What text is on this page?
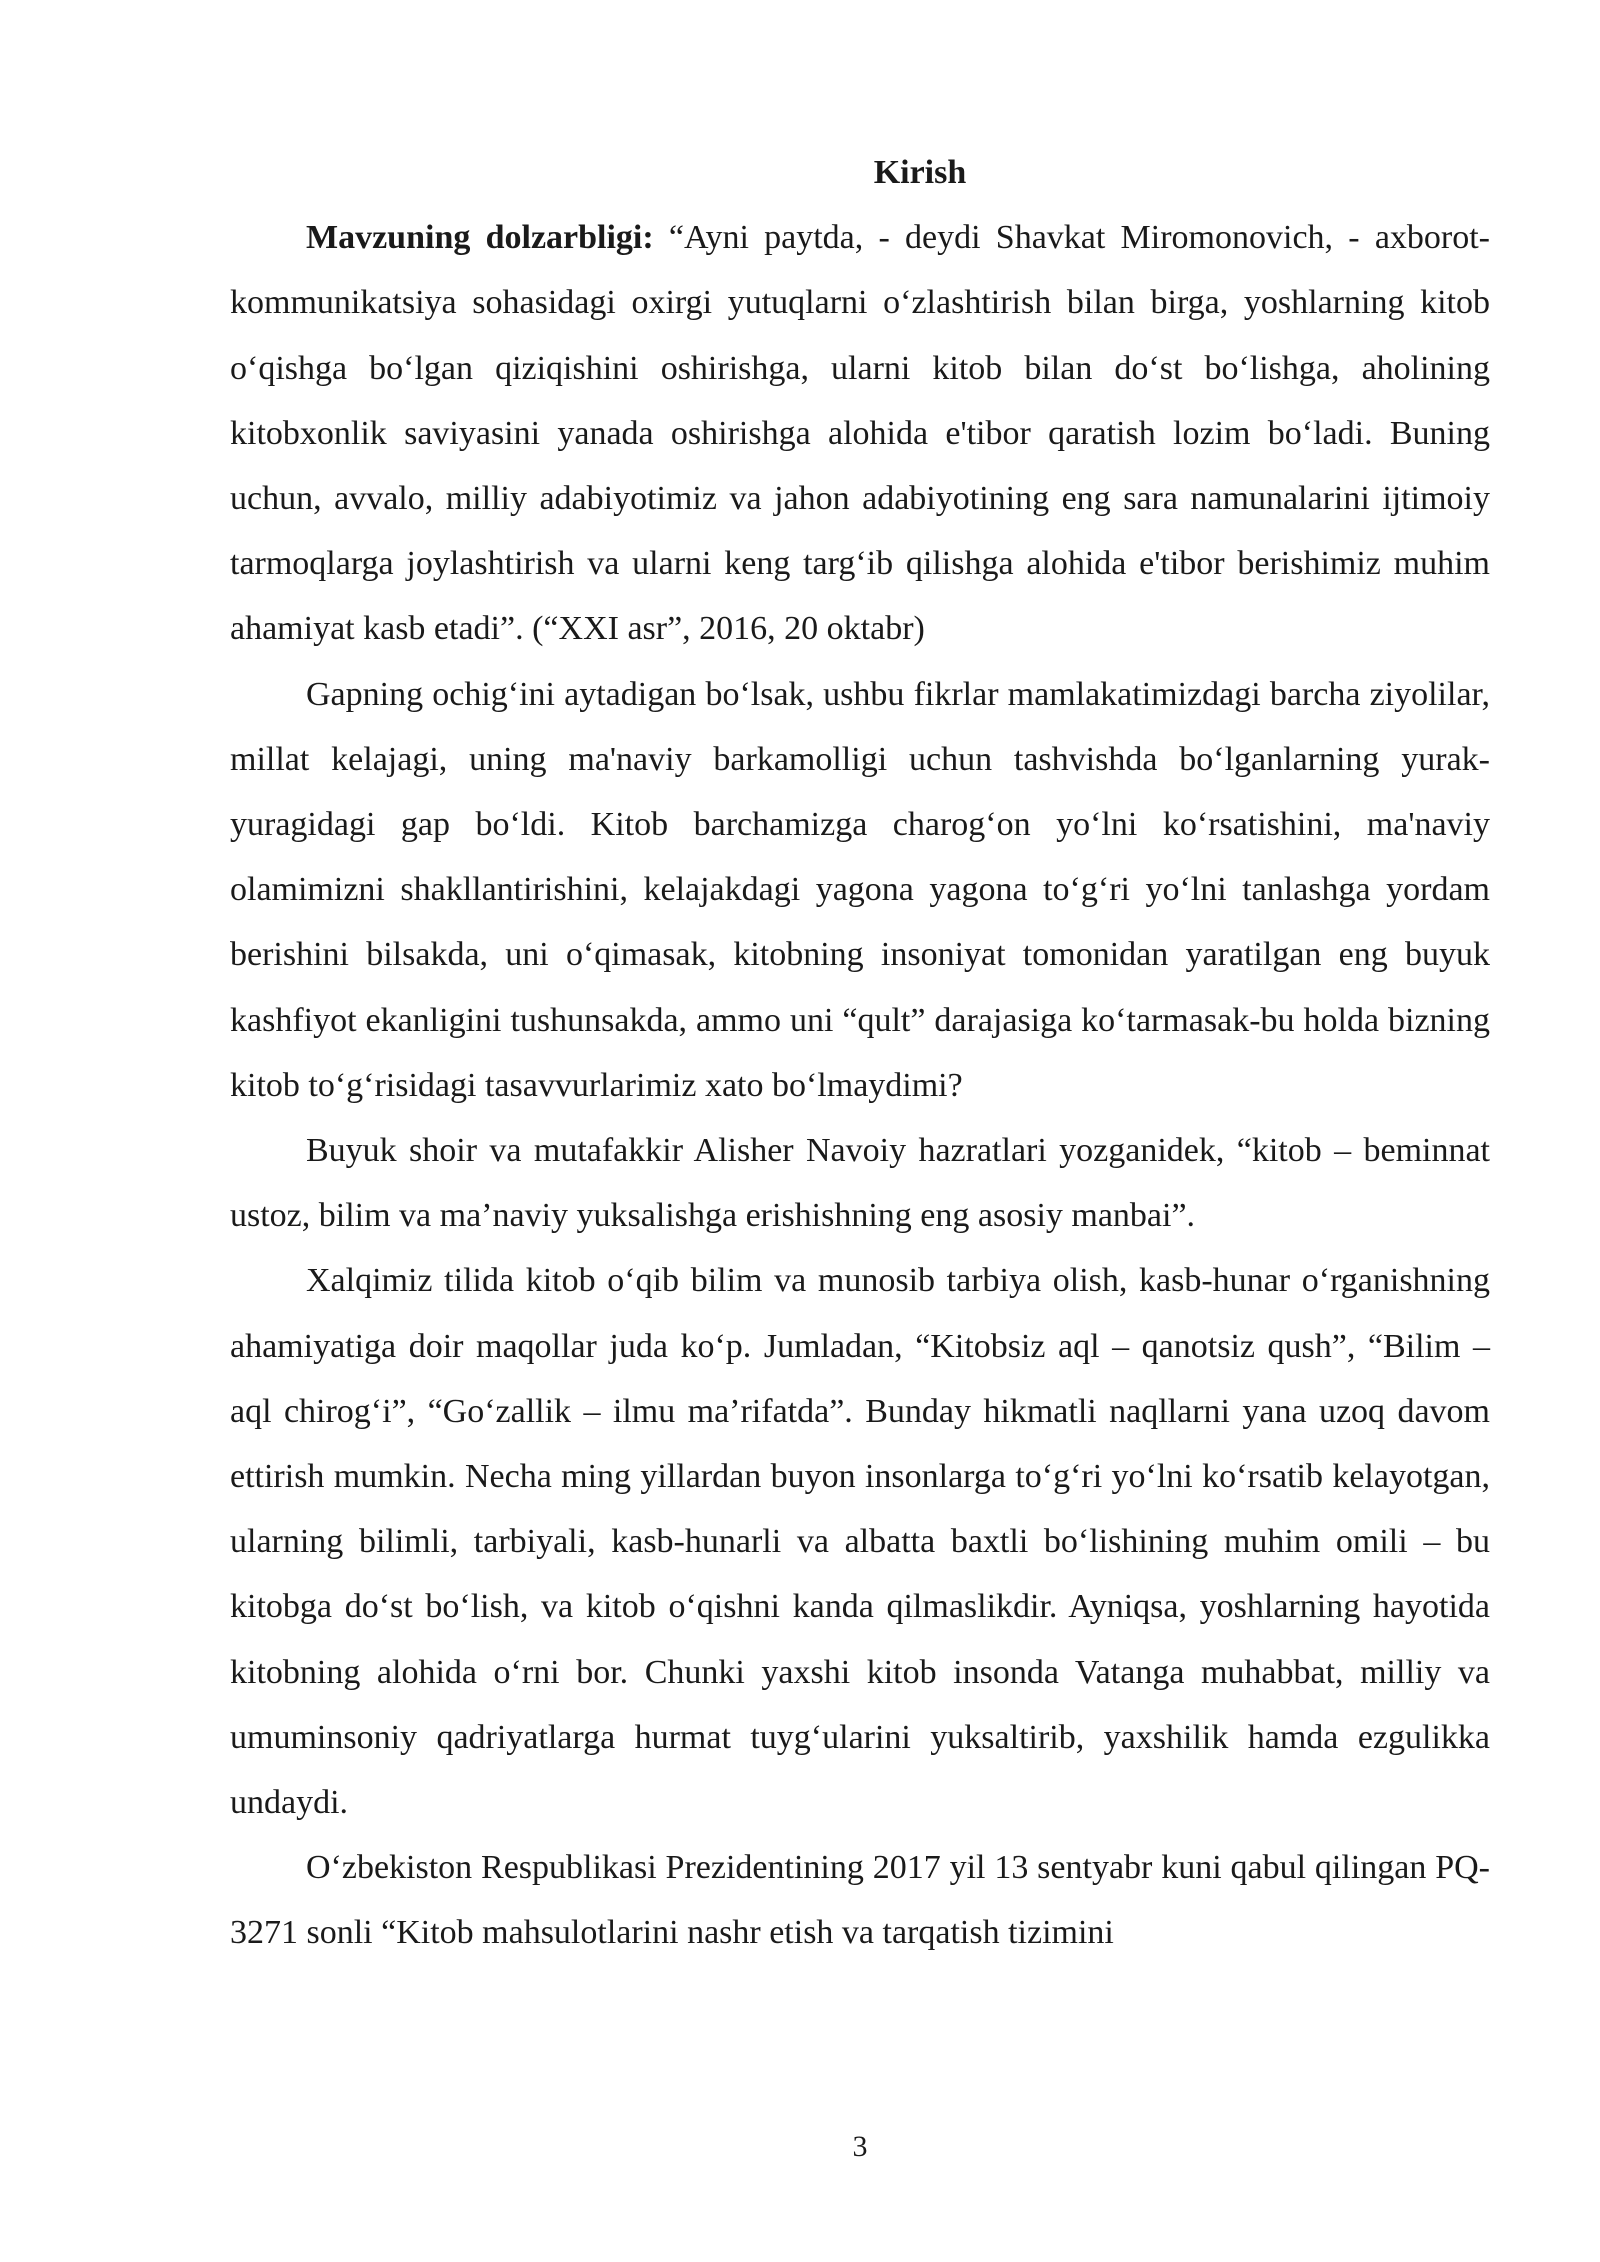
Kirish

Mavzuning dolzarbligi: “Ayni paytda, - deydi Shavkat Miromonovich, - axborot-kommunikatsiya sohasidagi oxirgi yutuqlarni oʻzlashtirish bilan birga, yoshlarning kitob oʻqishga boʻlgan qiziqishini oshirishga, ularni kitob bilan doʻst boʻlishga, aholining kitobxonlik saviyasini yanada oshirishga alohida e'tibor qaratish lozim boʻladi. Buning uchun, avvalo, milliy adabiyotimiz va jahon adabiyotining eng sara namunalarini ijtimoiy tarmoqlarga joylashtirish va ularni keng targʻib qilishga alohida e'tibor berishimiz muhim ahamiyat kasb etadi”. (“XXI asr”, 2016, 20 oktabr)

Gapning ochigʻini aytadigan boʻlsak, ushbu fikrlar mamlakatimizdagi barcha ziyolilar, millat kelajagi, uning ma'naviy barkamolligi uchun tashvishda boʻlganlarning yurak-yuragidagi gap boʻldi. Kitob barchamizga charogʻon yoʻlni koʻrsatishini, ma'naviy olamimizni shakllantirishini, kelajakdagi yagona yagona toʻgʻri yoʻlni tanlashga yordam berishini bilsakda, uni oʻqimasak, kitobning insoniyat tomonidan yaratilgan eng buyuk kashfiyot ekanligini tushunsakda, ammo uni “qult” darajasiga koʻtarmasak-bu holda bizning kitob toʻgʻrisidagi tasavvurlarimiz xato boʻlmaydimi?

Buyuk shoir va mutafakkir Alisher Navoiy hazratlari yozganidek, “kitob – beminnat ustoz, bilim va ma’naviy yuksalishga erishishning eng asosiy manbai”.

Xalqimiz tilida kitob oʻqib bilim va munosib tarbiya olish, kasb-hunar oʻrganishning ahamiyatiga doir maqollar juda koʻp. Jumladan, “Kitobsiz aql – qanotsiz qush”, “Bilim – aql chirogʻi”, “Goʻzallik – ilmu ma’rifatda”. Bunday hikmatli naqllarni yana uzoq davom ettirish mumkin. Necha ming yillardan buyon insonlarga toʻgʻri yoʻlni koʻrsatib kelayotgan, ularning bilimli, tarbiyali, kasb-hunarli va albatta baxtli boʻlishining muhim omili – bu kitobga doʻst boʻlish, va kitob oʻqishni kanda qilmaslikdir. Ayniqsa, yoshlarning hayotida kitobning alohida oʻrni bor. Chunki yaxshi kitob insonda Vatanga muhabbat, milliy va umuminsoniy qadriyatlarga hurmat tuygʻularini yuksaltirib, yaxshilik hamda ezgulikka undaydi.

Oʻzbekiston Respublikasi Prezidentining 2017 yil 13 sentyabr kuni qabul qilingan PQ-3271 sonli “Kitob mahsulotlarini nashr etish va tarqatish tizimini

3
